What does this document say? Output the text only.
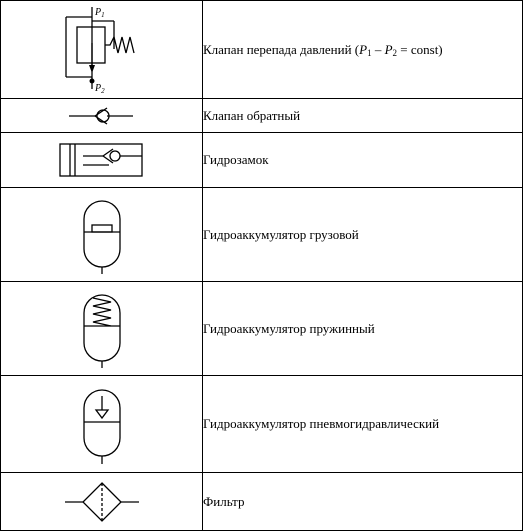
$P_1$
$P_2$	Клапан перепада давлений ($P_1 - P_2$ = const)

	Клапан обратный

	Гидрозамок

	Гидроаккумулятор грузовой

	Гидроаккумулятор пружинный

	Гидроаккумулятор пневмогидравлический

	Фильтр
